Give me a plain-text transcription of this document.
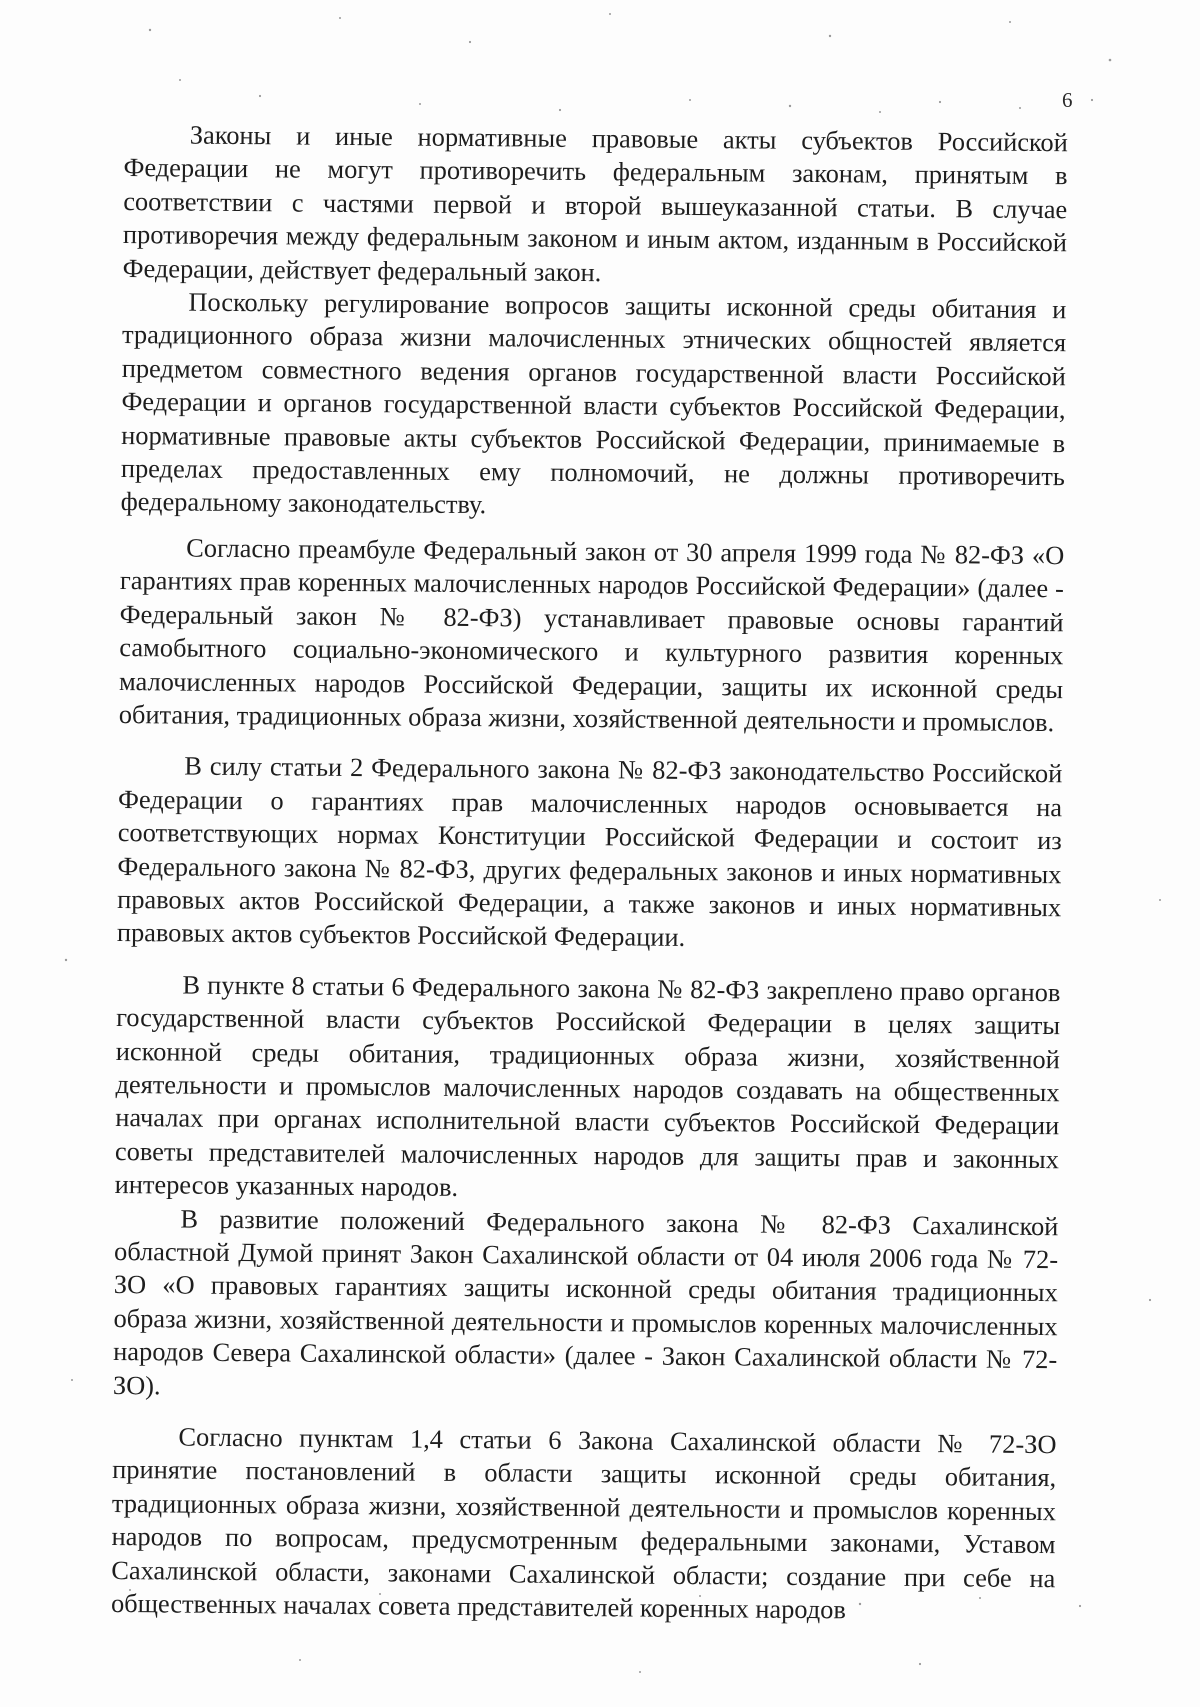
6

Законы и иные нормативные правовые акты субъектов Российской Федерации не могут противоречить федеральным законам, принятым в соответствии с частями первой и второй вышеуказанной статьи. В случае противоречия между федеральным законом и иным актом, изданным в Российской Федерации, действует федеральный закон.

Поскольку регулирование вопросов защиты исконной среды обитания и традиционного образа жизни малочисленных этнических общностей является предметом совместного ведения органов государственной власти Российской Федерации и органов государственной власти субъектов Российской Федерации, нормативные правовые акты субъектов Российской Федерации, принимаемые в пределах предоставленных ему полномочий, не должны противоречить федеральному законодательству.

Согласно преамбуле Федеральный закон от 30 апреля 1999 года № 82-ФЗ «О гарантиях прав коренных малочисленных народов Российской Федерации» (далее - Федеральный закон № 82-ФЗ) устанавливает правовые основы гарантий самобытного социально-экономического и культурного развития коренных малочисленных народов Российской Федерации, защиты их исконной среды обитания, традиционных образа жизни, хозяйственной деятельности и промыслов.

В силу статьи 2 Федерального закона № 82-ФЗ законодательство Российской Федерации о гарантиях прав малочисленных народов основывается на соответствующих нормах Конституции Российской Федерации и состоит из Федерального закона № 82-ФЗ, других федеральных законов и иных нормативных правовых актов Российской Федерации, а также законов и иных нормативных правовых актов субъектов Российской Федерации.

В пункте 8 статьи 6 Федерального закона № 82-ФЗ закреплено право органов государственной власти субъектов Российской Федерации в целях защиты исконной среды обитания, традиционных образа жизни, хозяйственной деятельности и промыслов малочисленных народов создавать на общественных началах при органах исполнительной власти субъектов Российской Федерации советы представителей малочисленных народов для защиты прав и законных интересов указанных народов.

В развитие положений Федерального закона № 82-ФЗ Сахалинской областной Думой принят Закон Сахалинской области от 04 июля 2006 года № 72-ЗО «О правовых гарантиях защиты исконной среды обитания традиционных образа жизни, хозяйственной деятельности и промыслов коренных малочисленных народов Севера Сахалинской области» (далее - Закон Сахалинской области № 72-ЗО).

Согласно пунктам 1,4 статьи 6 Закона Сахалинской области № 72-ЗО принятие постановлений в области защиты исконной среды обитания, традиционных образа жизни, хозяйственной деятельности и промыслов коренных народов по вопросам, предусмотренным федеральными законами, Уставом Сахалинской области, законами Сахалинской области; создание при себе на общественных началах совета представителей коренных народов
